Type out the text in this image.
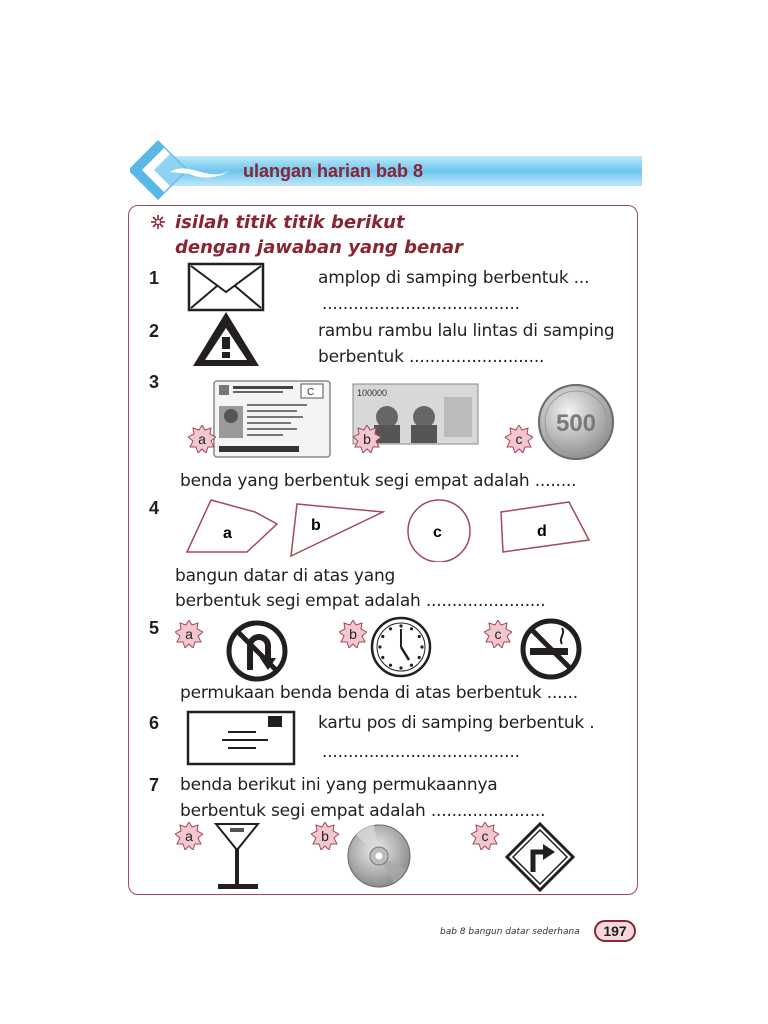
ulangan harian bab 8
isilah titik titik berikut
dengan jawaban yang benar
1	amplop di samping berbentuk ...
......................................
2	rambu rambu lalu lintas di samping
berbentuk ..........................
3
C	100000
500
a	b	c
benda yang berbentuk segi empat adalah ........
4
a	b	c	d
bangun datar di atas yang
berbentuk segi empat adalah .......................
5 a	b	c
permukaan benda benda di atas berbentuk ......
6	kartu pos di samping berbentuk .
......................................
7 benda berikut ini yang permukaannya
berbentuk segi empat adalah ......................
a	b	c
bab 8 bangun datar sederhana	197
